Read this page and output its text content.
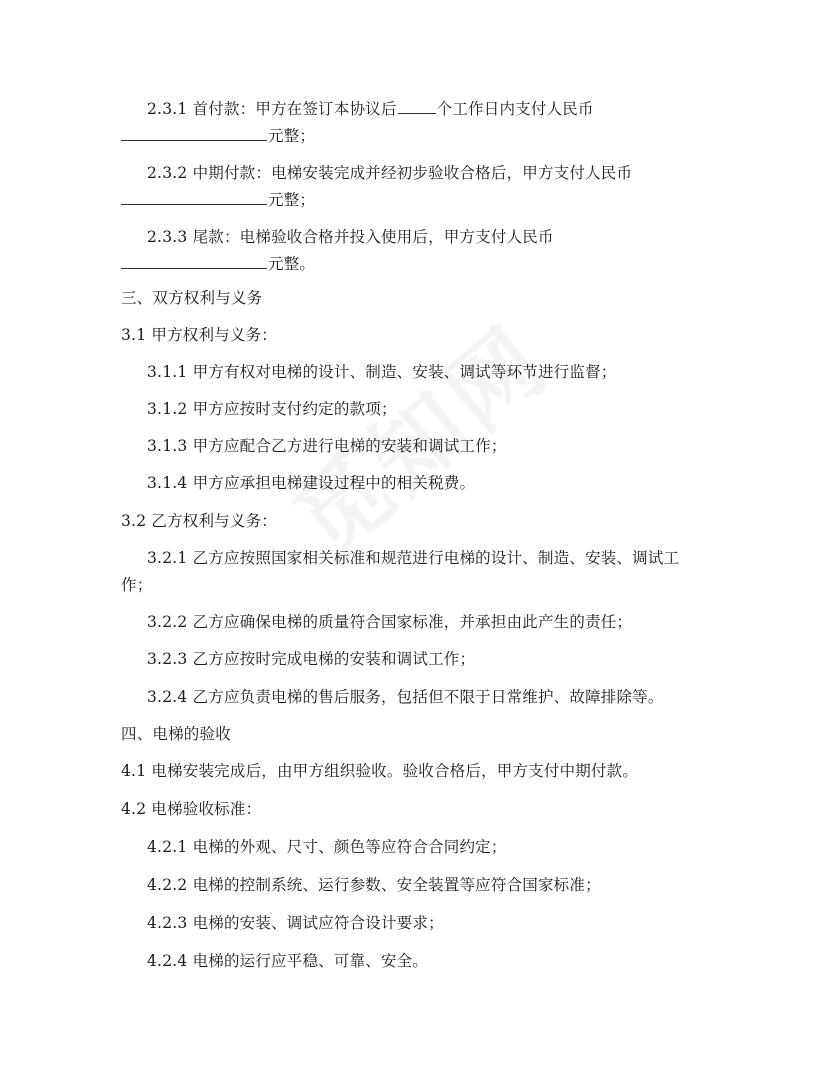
2.3.1 首付款：甲方在签订本协议后	个工作日内支付人民币
元整；
2.3.2 中期付款：电梯安装完成并经初步验收合格后，甲方支付人民币
元整；
2.3.3 尾款：电梯验收合格并投入使用后，甲方支付人民币
元整。
三、双方权利与义务
3.1 甲方权利与义务：
3.1.1 甲方有权对电梯的设计、制造、安装、调试等环节进行监督；
3.1.2 甲方应按时支付约定的款项；
3.1.3 甲方应配合乙方进行电梯的安装和调试工作；
3.1.4 甲方应承担电梯建设过程中的相关税费。
3.2 乙方权利与义务：
3.2.1 乙方应按照国家相关标准和规范进行电梯的设计、制造、安装、调试工
作；
3.2.2 乙方应确保电梯的质量符合国家标准，并承担由此产生的责任；
3.2.3 乙方应按时完成电梯的安装和调试工作；
3.2.4 乙方应负责电梯的售后服务，包括但不限于日常维护、故障排除等。
四、电梯的验收
4.1 电梯安装完成后，由甲方组织验收。验收合格后，甲方支付中期付款。
4.2 电梯验收标准：
4.2.1 电梯的外观、尺寸、颜色等应符合合同约定；
4.2.2 电梯的控制系统、运行参数、安全装置等应符合国家标准；
4.2.3 电梯的安装、调试应符合设计要求；
4.2.4 电梯的运行应平稳、可靠、安全。
